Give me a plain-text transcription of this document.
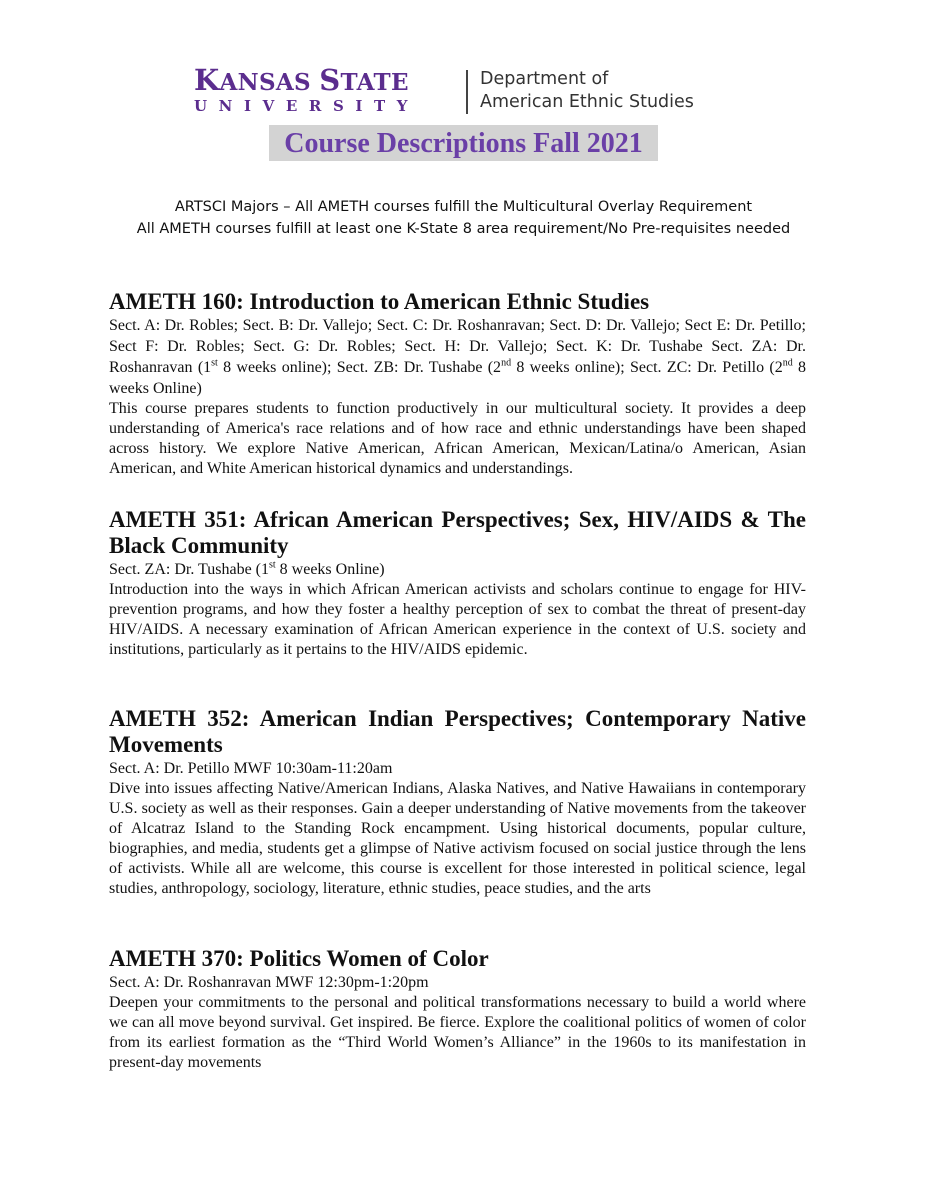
KANSAS STATE
UNIVERSITY
Department of
American Ethnic Studies
Course Descriptions Fall 2021
ARTSCI Majors – All AMETH courses fulfill the Multicultural Overlay Requirement
All AMETH courses fulfill at least one K-State 8 area requirement/No Pre-requisites needed
AMETH 160: Introduction to American Ethnic Studies

Sect. A: Dr. Robles; Sect. B: Dr. Vallejo; Sect. C: Dr. Roshanravan; Sect. D: Dr. Vallejo; Sect E: Dr. Petillo; Sect F: Dr. Robles; Sect. G: Dr. Robles; Sect. H: Dr. Vallejo; Sect. K: Dr. Tushabe Sect. ZA: Dr. Roshanravan (1st 8 weeks online); Sect. ZB: Dr. Tushabe (2nd 8 weeks online); Sect. ZC: Dr. Petillo (2nd 8 weeks Online)

This course prepares students to function productively in our multicultural society. It provides a deep understanding of America's race relations and of how race and ethnic understandings have been shaped across history. We explore Native American, African American, Mexican/Latina/o American, Asian American, and White American historical dynamics and understandings.

AMETH 351: African American Perspectives; Sex, HIV/AIDS & The Black Community

Sect. ZA: Dr. Tushabe (1st 8 weeks Online)

Introduction into the ways in which African American activists and scholars continue to engage for HIV-prevention programs, and how they foster a healthy perception of sex to combat the threat of present-day HIV/AIDS. A necessary examination of African American experience in the context of U.S. society and institutions, particularly as it pertains to the HIV/AIDS epidemic.

AMETH 352: American Indian Perspectives; Contemporary Native Movements

Sect. A: Dr. Petillo MWF 10:30am-11:20am

Dive into issues affecting Native/American Indians, Alaska Natives, and Native Hawaiians in contemporary U.S. society as well as their responses. Gain a deeper understanding of Native movements from the takeover of Alcatraz Island to the Standing Rock encampment. Using historical documents, popular culture, biographies, and media, students get a glimpse of Native activism focused on social justice through the lens of activists. While all are welcome, this course is excellent for those interested in political science, legal studies, anthropology, sociology, literature, ethnic studies, peace studies, and the arts

AMETH 370: Politics Women of Color

Sect. A: Dr. Roshanravan MWF 12:30pm-1:20pm

Deepen your commitments to the personal and political transformations necessary to build a world where we can all move beyond survival. Get inspired. Be fierce. Explore the coalitional politics of women of color from its earliest formation as the “Third World Women’s Alliance” in the 1960s to its manifestation in present-day movements
